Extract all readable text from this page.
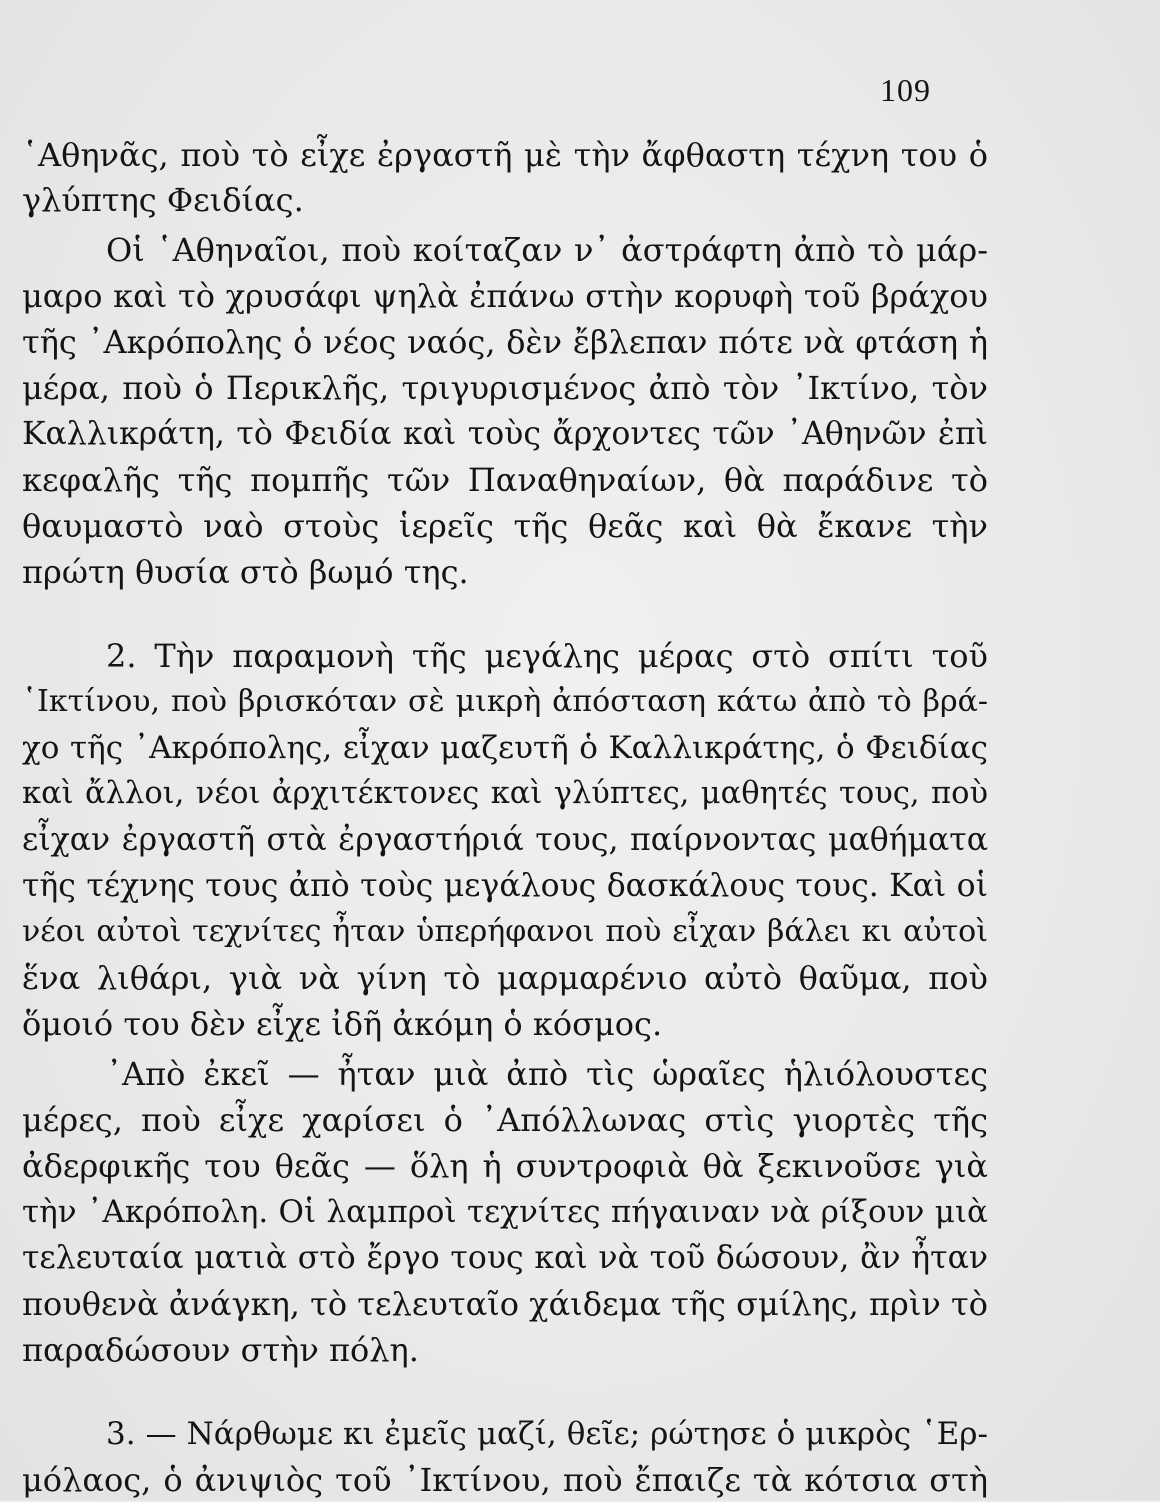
109
῾Αθηνᾶς, ποὺ τὸ εἶχε ἐργαστῆ μὲ τὴν ἄφθαστη τέχνη του ὁ
γλύπτης Φειδίας.
Οἱ ῾Αθηναῖοι, ποὺ κοίταζαν ν᾽ ἀστράφτη ἀπὸ τὸ μάρ-
μαρο καὶ τὸ χρυσάφι ψηλὰ ἐπάνω στὴν κορυφὴ τοῦ βράχου
τῆς ᾽Ακρόπολης ὁ νέος ναός, δὲν ἔβλεπαν πότε νὰ φτάση ἡ
μέρα, ποὺ ὁ Περικλῆς, τριγυρισμένος ἀπὸ τὸν ᾽Ικτίνο, τὸν
Καλλικράτη, τὸ Φειδία καὶ τοὺς ἄρχοντες τῶν ᾽Αθηνῶν ἐπὶ
κεφαλῆς τῆς πομπῆς τῶν Παναθηναίων, θὰ παράδινε τὸ
θαυμαστὸ ναὸ στοὺς ἱερεῖς τῆς θεᾶς καὶ θὰ ἔκανε τὴν
πρώτη θυσία στὸ βωμό της.
2. Τὴν παραμονὴ τῆς μεγάλης μέρας στὸ σπίτι τοῦ
῾Ικτίνου, ποὺ βρισκόταν σὲ μικρὴ ἀπόσταση κάτω ἀπὸ τὸ βρά-
χο τῆς ᾽Ακρόπολης, εἶχαν μαζευτῆ ὁ Καλλικράτης, ὁ Φειδίας
καὶ ἄλλοι, νέοι ἀρχιτέκτονες καὶ γλύπτες, μαθητές τους, ποὺ
εἶχαν ἐργαστῆ στὰ ἐργαστήριά τους, παίρνοντας μαθήματα
τῆς τέχνης τους ἀπὸ τοὺς μεγάλους δασκάλους τους. Καὶ οἱ
νέοι αὐτοὶ τεχνίτες ἦταν ὑπερήφανοι ποὺ εἶχαν βάλει κι αὐτοὶ
ἕνα λιθάρι, γιὰ νὰ γίνη τὸ μαρμαρένιο αὐτὸ θαῦμα, ποὺ
ὅμοιό του δὲν εἶχε ἰδῆ ἀκόμη ὁ κόσμος.
᾽Απὸ ἐκεῖ — ἦταν μιὰ ἀπὸ τὶς ὡραῖες ἡλιόλουστες
μέρες, ποὺ εἶχε χαρίσει ὁ ᾽Απόλλωνας στὶς γιορτὲς τῆς
ἀδερφικῆς του θεᾶς — ὅλη ἡ συντροφιὰ θὰ ξεκινοῦσε γιὰ
τὴν ᾽Ακρόπολη. Οἱ λαμπροὶ τεχνίτες πήγαιναν νὰ ρίξουν μιὰ
τελευταία ματιὰ στὸ ἔργο τους καὶ νὰ τοῦ δώσουν, ἂν ἦταν
πουθενὰ ἀνάγκη, τὸ τελευταῖο χάιδεμα τῆς σμίλης, πρὶν τὸ
παραδώσουν στὴν πόλη.
3. — Νάρθωμε κι ἐμεῖς μαζί, θεῖε; ρώτησε ὁ μικρὸς ῾Ερ-
μόλαος, ὁ ἀνιψιὸς τοῦ ᾽Ικτίνου, ποὺ ἔπαιζε τὰ κότσια στὴ
